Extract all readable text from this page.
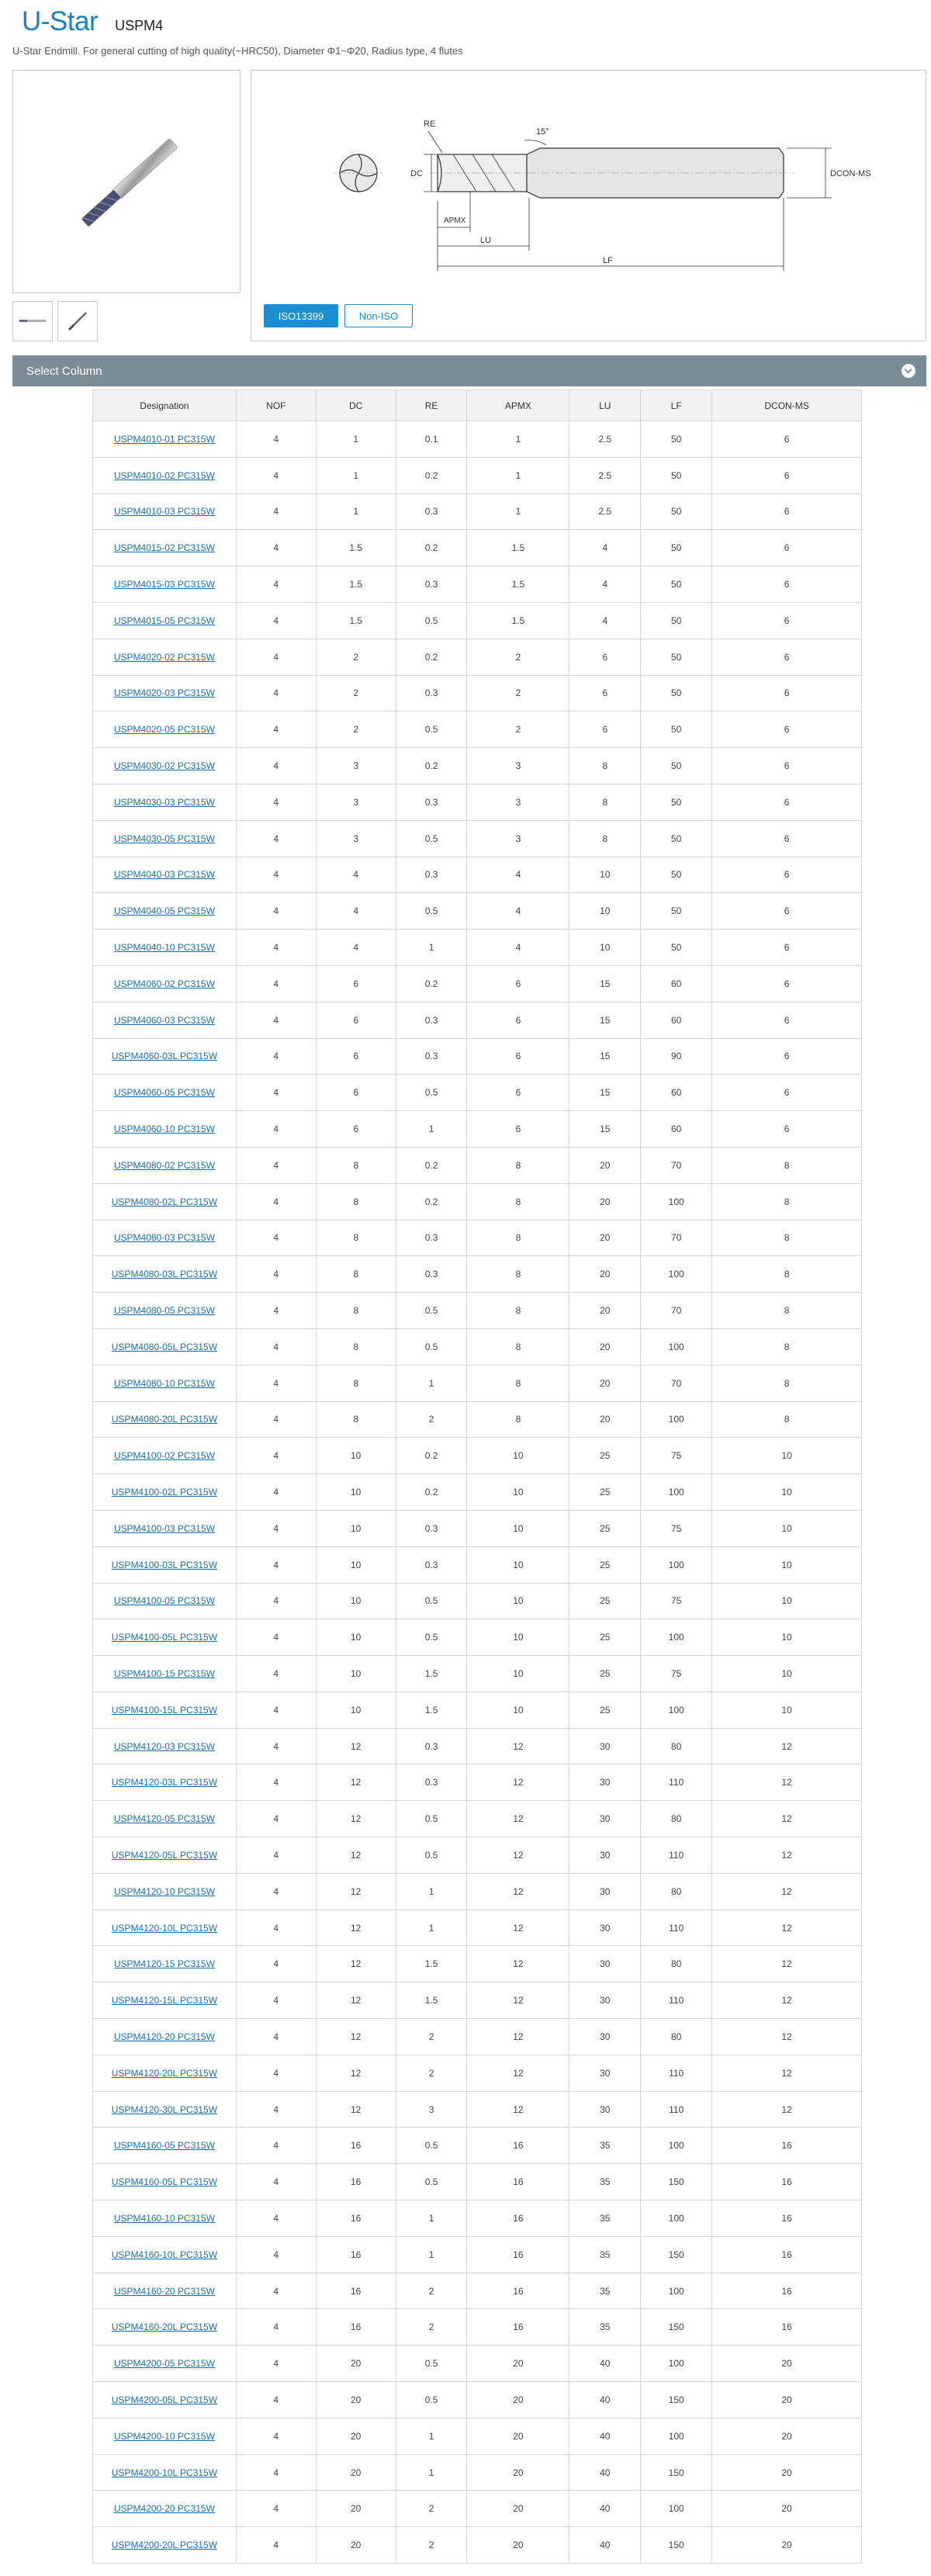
U-Star USPM4
U-Star Endmill. For general cutting of high quality(~HRC50), Diameter Φ1~Φ20, Radius type, 4 flutes
RE
15°
DC
APMX
LU
LF
DCON-MS
ISO13399	Non-ISO
Select Column
Designation	NOF	DC	RE	APMX	LU	LF	DCON-MS
USPM4010-01 PC315W	4	1	0.1	1	2.5	50	6
USPM4010-02 PC315W	4	1	0.2	1	2.5	50	6
USPM4010-03 PC315W	4	1	0.3	1	2.5	50	6
USPM4015-02 PC315W	4	1.5	0.2	1.5	4	50	6
USPM4015-03 PC315W	4	1.5	0.3	1.5	4	50	6
USPM4015-05 PC315W	4	1.5	0.5	1.5	4	50	6
USPM4020-02 PC315W	4	2	0.2	2	6	50	6
USPM4020-03 PC315W	4	2	0.3	2	6	50	6
USPM4020-05 PC315W	4	2	0.5	2	6	50	6
USPM4030-02 PC315W	4	3	0.2	3	8	50	6
USPM4030-03 PC315W	4	3	0.3	3	8	50	6
USPM4030-05 PC315W	4	3	0.5	3	8	50	6
USPM4040-03 PC315W	4	4	0.3	4	10	50	6
USPM4040-05 PC315W	4	4	0.5	4	10	50	6
USPM4040-10 PC315W	4	4	1	4	10	50	6
USPM4060-02 PC315W	4	6	0.2	6	15	60	6
USPM4060-03 PC315W	4	6	0.3	6	15	60	6
USPM4060-03L PC315W	4	6	0.3	6	15	90	6
USPM4060-05 PC315W	4	6	0.5	6	15	60	6
USPM4060-10 PC315W	4	6	1	6	15	60	6
USPM4080-02 PC315W	4	8	0.2	8	20	70	8
USPM4080-02L PC315W	4	8	0.2	8	20	100	8
USPM4080-03 PC315W	4	8	0.3	8	20	70	8
USPM4080-03L PC315W	4	8	0.3	8	20	100	8
USPM4080-05 PC315W	4	8	0.5	8	20	70	8
USPM4080-05L PC315W	4	8	0.5	8	20	100	8
USPM4080-10 PC315W	4	8	1	8	20	70	8
USPM4080-20L PC315W	4	8	2	8	20	100	8
USPM4100-02 PC315W	4	10	0.2	10	25	75	10
USPM4100-02L PC315W	4	10	0.2	10	25	100	10
USPM4100-03 PC315W	4	10	0.3	10	25	75	10
USPM4100-03L PC315W	4	10	0.3	10	25	100	10
USPM4100-05 PC315W	4	10	0.5	10	25	75	10
USPM4100-05L PC315W	4	10	0.5	10	25	100	10
USPM4100-15 PC315W	4	10	1.5	10	25	75	10
USPM4100-15L PC315W	4	10	1.5	10	25	100	10
USPM4120-03 PC315W	4	12	0.3	12	30	80	12
USPM4120-03L PC315W	4	12	0.3	12	30	110	12
USPM4120-05 PC315W	4	12	0.5	12	30	80	12
USPM4120-05L PC315W	4	12	0.5	12	30	110	12
USPM4120-10 PC315W	4	12	1	12	30	80	12
USPM4120-10L PC315W	4	12	1	12	30	110	12
USPM4120-15 PC315W	4	12	1.5	12	30	80	12
USPM4120-15L PC315W	4	12	1.5	12	30	110	12
USPM4120-20 PC315W	4	12	2	12	30	80	12
USPM4120-20L PC315W	4	12	2	12	30	110	12
USPM4120-30L PC315W	4	12	3	12	30	110	12
USPM4160-05 PC315W	4	16	0.5	16	35	100	16
USPM4160-05L PC315W	4	16	0.5	16	35	150	16
USPM4160-10 PC315W	4	16	1	16	35	100	16
USPM4160-10L PC315W	4	16	1	16	35	150	16
USPM4160-20 PC315W	4	16	2	16	35	100	16
USPM4160-20L PC315W	4	16	2	16	35	150	16
USPM4200-05 PC315W	4	20	0.5	20	40	100	20
USPM4200-05L PC315W	4	20	0.5	20	40	150	20
USPM4200-10 PC315W	4	20	1	20	40	100	20
USPM4200-10L PC315W	4	20	1	20	40	150	20
USPM4200-20 PC315W	4	20	2	20	40	100	20
USPM4200-20L PC315W	4	20	2	20	40	150	20
